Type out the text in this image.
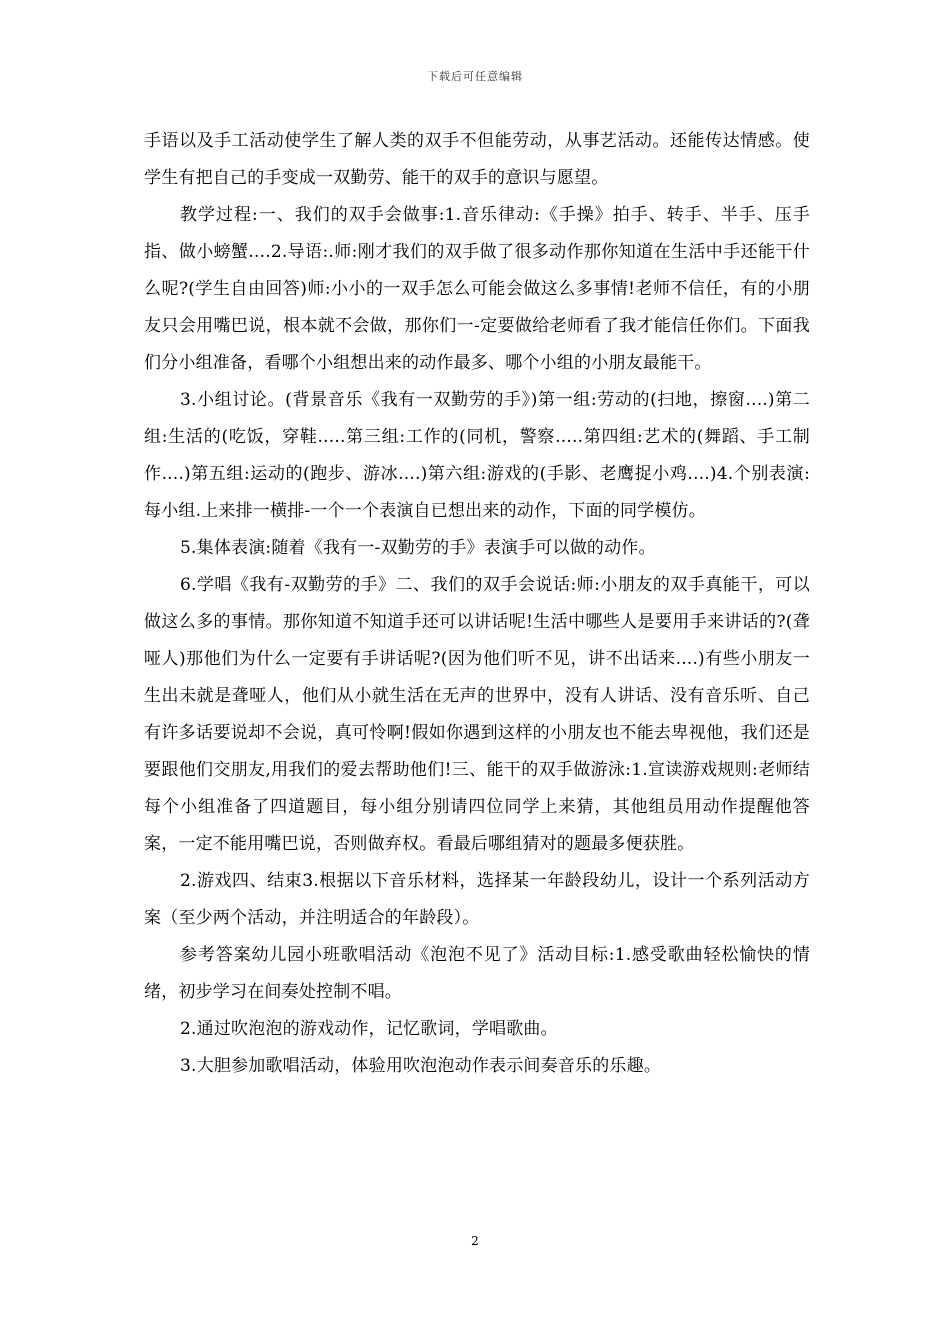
下载后可任意编辑

手语以及手工活动使学生了解人类的双手不但能劳动，从事艺活动。还能传达情感。使学生有把自己的手变成一双勤劳、能干的双手的意识与愿望。

教学过程:一、我们的双手会做事:1.音乐律动:《手操》拍手、转手、半手、压手指、做小螃蟹....2.导语:.师:刚才我们的双手做了很多动作那你知道在生活中手还能干什么呢?(学生自由回答)师:小小的一双手怎么可能会做这么多事情!老师不信任，有的小朋友只会用嘴巴说，根本就不会做，那你们一-定要做给老师看了我才能信任你们。下面我们分小组准备，看哪个小组想出来的动作最多、哪个小组的小朋友最能干。

3.小组讨论。(背景音乐《我有一双勤劳的手》)第一组:劳动的(扫地，擦窗....)第二组:生活的(吃饭，穿鞋.....第三组:工作的(同机，警察.....第四组:艺术的(舞蹈、手工制作....)第五组:运动的(跑步、游冰....)第六组:游戏的(手影、老鹰捉小鸡....)4.个别表演:每小组.上来排一横排-一个一个表演自已想出来的动作，下面的同学模仿。

5.集体表演:随着《我有一-双勤劳的手》表演手可以做的动作。

6.学唱《我有-双勤劳的手》二、我们的双手会说话:师:小朋友的双手真能干，可以做这么多的事情。那你知道不知道手还可以讲话呢!生活中哪些人是要用手来讲话的?(聋哑人)那他们为什么一定要有手讲话呢?(因为他们听不见，讲不出话来....)有些小朋友一生出未就是聋哑人，他们从小就生活在无声的世界中，没有人讲话、没有音乐听、自己有许多话要说却不会说，真可怜啊!假如你遇到这样的小朋友也不能去卑视他，我们还是要跟他们交朋友,用我们的爱去帮助他们!三、能干的双手做游泳:1.宣读游戏规则:老师结每个小组准备了四道题目，每小组分别请四位同学上来猜，其他组员用动作提醒他答案，一定不能用嘴巴说，否则做弃权。看最后哪组猜对的题最多便获胜。

2.游戏四、结束3.根据以下音乐材料，选择某一年龄段幼儿，设计一个系列活动方案（至少两个活动，并注明适合的年龄段）。

参考答案幼儿园小班歌唱活动《泡泡不见了》活动目标:1.感受歌曲轻松愉快的情绪，初步学习在间奏处控制不唱。

2.通过吹泡泡的游戏动作，记忆歌词，学唱歌曲。

3.大胆参加歌唱活动，体验用吹泡泡动作表示间奏音乐的乐趣。

2
